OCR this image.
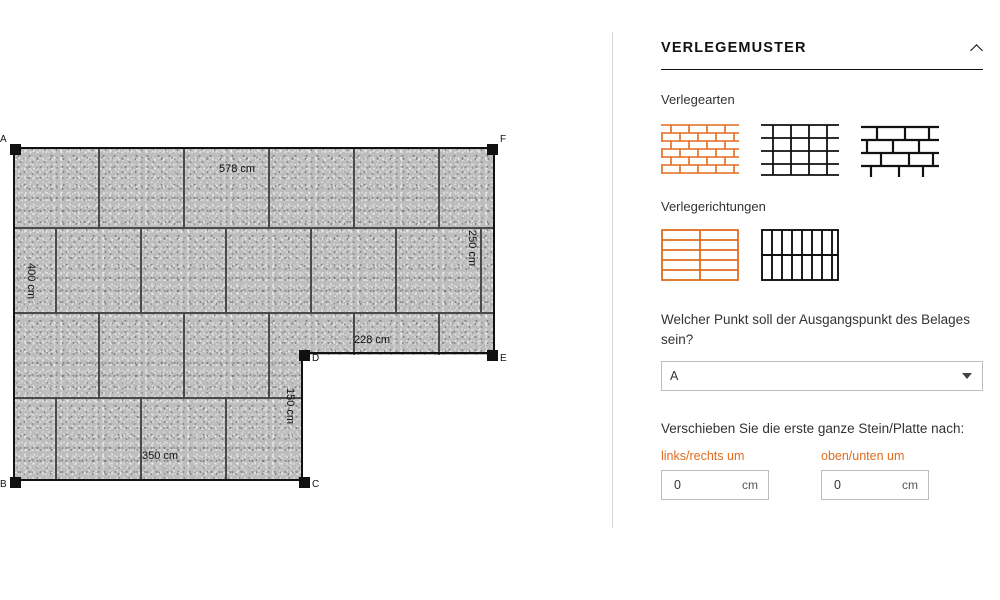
A	F
E
D
C
B
578 cm
250 cm
400 cm
228 cm
150 cm
350 cm
VERLEGEMUSTER
Verlegearten
Verlegerichtungen
Welcher Punkt soll der Ausgangspunkt des Belages sein?
A
Verschieben Sie die erste ganze Stein/Platte nach:
links/rechts um
0
cm
oben/unten um
0
cm
